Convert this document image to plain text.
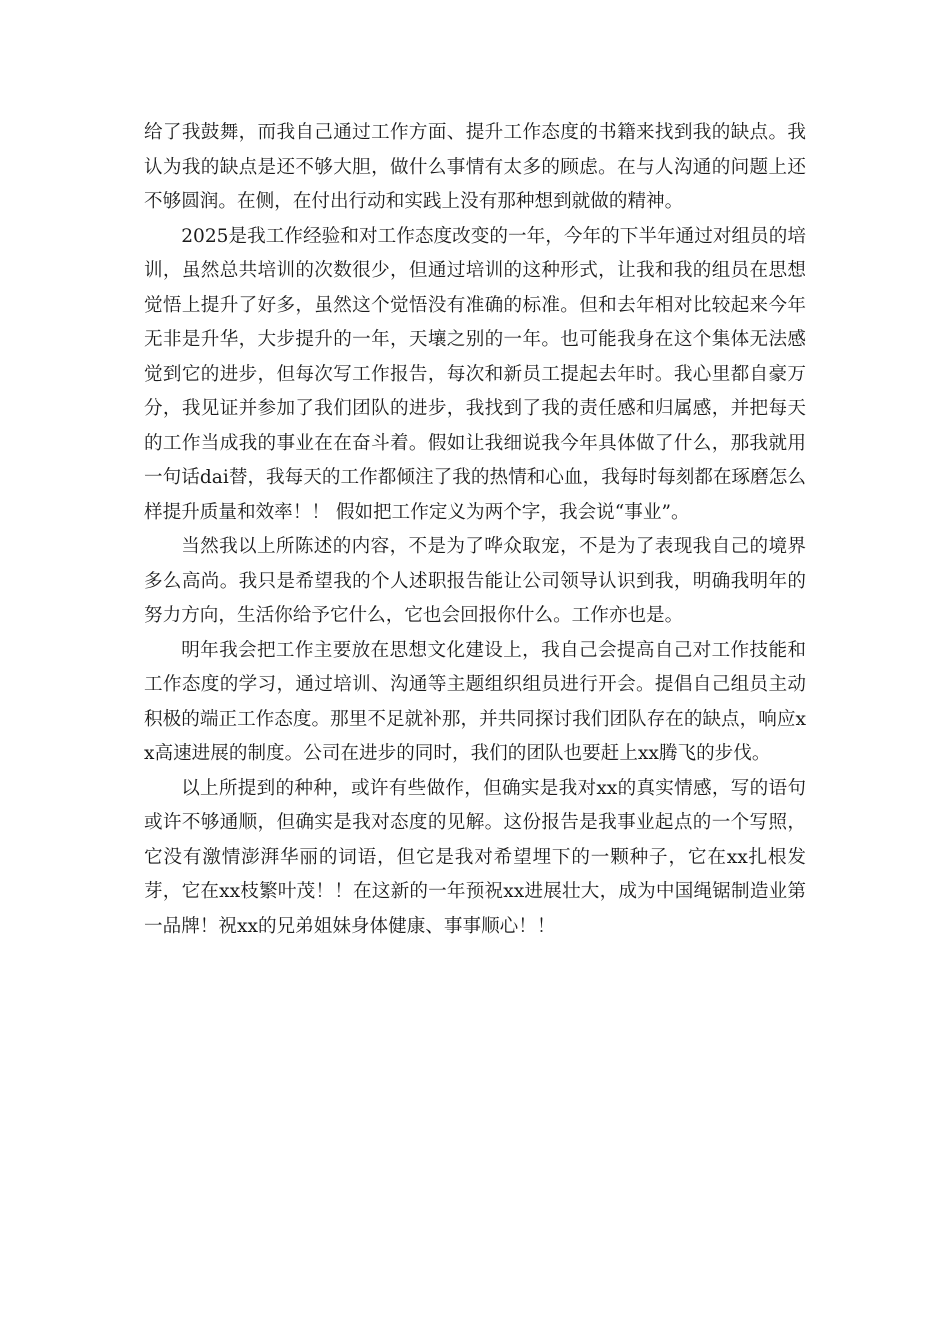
给了我鼓舞，而我自己通过工作方面、提升工作态度的书籍来找到我的缺点。我认为我的缺点是还不够大胆，做什么事情有太多的顾虑。在与人沟通的问题上还不够圆润。在侧，在付出行动和实践上没有那种想到就做的精神。

2025是我工作经验和对工作态度改变的一年，今年的下半年通过对组员的培训，虽然总共培训的次数很少，但通过培训的这种形式，让我和我的组员在思想觉悟上提升了好多，虽然这个觉悟没有准确的标准。但和去年相对比较起来今年无非是升华，大步提升的一年，天壤之别的一年。也可能我身在这个集体无法感觉到它的进步，但每次写工作报告，每次和新员工提起去年时。我心里都自豪万分，我见证并参加了我们团队的进步，我找到了我的责任感和归属感，并把每天的工作当成我的事业在在奋斗着。假如让我细说我今年具体做了什么，那我就用一句话dai替，我每天的工作都倾注了我的热情和心血，我每时每刻都在琢磨怎么样提升质量和效率！！ 假如把工作定义为两个字，我会说“事业”。

当然我以上所陈述的内容，不是为了哗众取宠，不是为了表现我自己的境界多么高尚。我只是希望我的个人述职报告能让公司领导认识到我，明确我明年的努力方向，生活你给予它什么，它也会回报你什么。工作亦也是。

明年我会把工作主要放在思想文化建设上，我自己会提高自己对工作技能和工作态度的学习，通过培训、沟通等主题组织组员进行开会。提倡自己组员主动积极的端正工作态度。那里不足就补那，并共同探讨我们团队存在的缺点，响应xx高速进展的制度。公司在进步的同时，我们的团队也要赶上xx腾飞的步伐。

以上所提到的种种，或许有些做作，但确实是我对xx的真实情感，写的语句或许不够通顺，但确实是我对态度的见解。这份报告是我事业起点的一个写照，它没有激情澎湃华丽的词语，但它是我对希望埋下的一颗种子，它在xx扎根发芽，它在xx枝繁叶茂！！在这新的一年预祝xx进展壮大，成为中国绳锯制造业第一品牌！祝xx的兄弟姐妹身体健康、事事顺心！！
